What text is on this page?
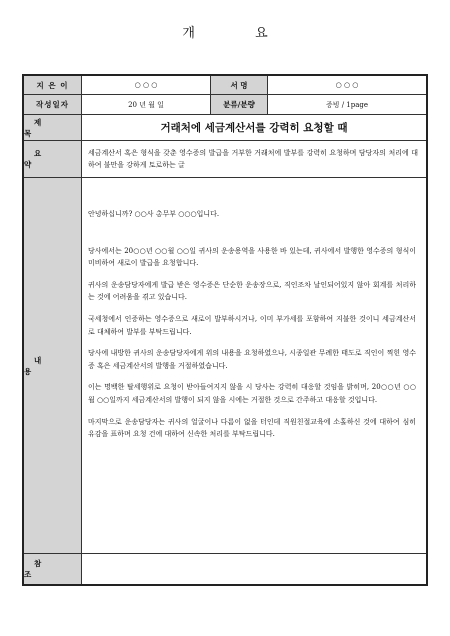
개 요
지 은 이	○ ○ ○	서 명	○ ○ ○
작성일자	20 년 월 일	분류/분량	증빙 / 1page
제 목	거래처에 세금계산서를 강력히 요청할 때
요 약
세금계산서 혹은 형식을 갖춘 영수증의 발급을 거부한 거래처에 발부를 강력히 요청하며 담당자의 처리에 대하여 불만을 강하게 토로하는 글
내 용

안녕하십니까? ○○사 총무부 ○○○입니다.

당사에서는 20○○년 ○○월 ○○일 귀사의 운송용역을 사용한 바 있는데, 귀사에서 발행한 영수증의 형식이 미비하여 새로이 발급을 요청합니다.

귀사의 운송담당자에게 발급 받은 영수증은 단순한 운송장으로, 직인조차 날인되어있지 않아 회계를 처리하는 것에 어려움을 겪고 있습니다.

국세청에서 인증하는 영수증으로 새로이 발부하시거나, 이미 부가세를 포함하여 지불한 것이니 세금계산서로 대체하여 발부를 부탁드립니다.

당사에 내방한 귀사의 운송담당자에게 위의 내용을 요청하였으나, 시종일관 무례한 태도로 직인이 찍힌 영수증 혹은 세금계산서의 발행을 거절하였습니다.

이는 명백한 탈세행위로 요청이 받아들여지지 않을 시 당사는 강력히 대응할 것임을 밝히며, 20○○년 ○○월 ○○일까지 세금계산서의 발행이 되지 않을 시에는 거절한 것으로 간주하고 대응할 것입니다.

마지막으로 운송담당자는 귀사의 얼굴이나 다름이 없을 터인데 직원친절교육에 소홀하신 것에 대하여 심히 유감을 표하며 요청 건에 대하여 신속한 처리를 부탁드립니다.

참 조
